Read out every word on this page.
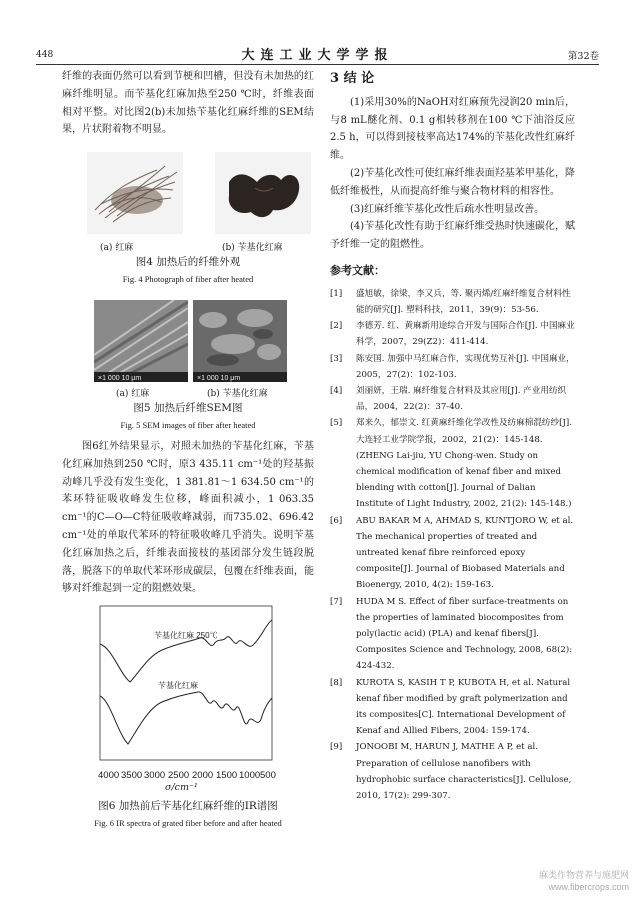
448	大连工业大学学报	第32卷

纤维的表面仍然可以看到节梗和凹槽，但没有未加热的红麻纤维明显。而苄基化红麻加热至250 ℃时，纤维表面相对平整。对比图2(b)未加热苄基化红麻纤维的SEM结果，片状附着物不明显。

(a) 红麻	(b) 苄基化红麻
图4 加热后的纤维外观
Fig. 4 Photograph of fiber after heated
×1 000 10 μm	×1 000 10 μm
(a) 红麻	(b) 苄基化红麻
图5 加热后纤维SEM图
Fig. 5 SEM images of fiber after heated

图6红外结果显示，对照未加热的苄基化红麻，苄基化红麻加热到250 ℃时，原3 435.11 cm⁻¹处的羟基振动峰几乎没有发生变化，1 381.81～1 634.50 cm⁻¹的苯环特征吸收峰发生位移，峰面积减小，1 063.35 cm⁻¹的C—O—C特征吸收峰减弱，而735.02、696.42 cm⁻¹处的单取代苯环的特征吸收峰几乎消失。说明苄基化红麻加热之后，纤维表面接枝的基团部分发生链段脱落，脱落下的单取代苯环形成碳层，包覆在纤维表面，能够对纤维起到一定的阻燃效果。

苄基化红麻 250℃
苄基化红麻
4000 3500 3000 2500 2000 1500 1000 500
σ/cm⁻¹
图6 加热前后苄基化红麻纤维的IR谱图
Fig. 6 IR spectra of grated fiber before and after heated
3 结 论

(1)采用30%的NaOH对红麻预先浸润20 min后，与8 mL醚化剂、0.1 g相转移剂在100 ℃下油浴反应2.5 h，可以得到接枝率高达174%的苄基化改性红麻纤维。

(2)苄基化改性可使红麻纤维表面羟基苯甲基化，降低纤维极性，从而提高纤维与聚合物材料的相容性。

(3)红麻纤维苄基化改性后疏水性明显改善。

(4)苄基化改性有助于红麻纤维受热时快速碳化，赋予纤维一定的阻燃性。

参考文献：

[1] 盛旭敏，徐梁，李又兵，等. 聚丙烯/红麻纤维复合材料性能的研究[J]. 塑料科技，2011，39(9)：53-56.

[2] 李德芳. 红、黄麻新用途综合开发与国际合作[J]. 中国麻业科学，2007，29(Z2)：411-414.

[3] 陈安国. 加强中马红麻合作，实现优势互补[J]. 中国麻业，2005，27(2)：102-103.

[4] 刘丽妍，王瑞. 麻纤维复合材料及其应用[J]. 产业用纺织品，2004，22(2)：37-40.

[5] 郑来久，郁崇文. 红黄麻纤维化学改性及纺麻棉混纺纱[J]. 大连轻工业学院学报，2002，21(2)：145-148. (ZHENG Lai-jiu, YU Chong-wen. Study on chemical modification of kenaf fiber and mixed blending with cotton[J]. Journal of Dalian Institute of Light Industry, 2002, 21(2): 145-148.)

[6] ABU BAKAR M A, AHMAD S, KUNTJORO W, et al. The mechanical properties of treated and untreated kenaf fibre reinforced epoxy composite[J]. Journal of Biobased Materials and Bioenergy, 2010, 4(2): 159-163.

[7] HUDA M S. Effect of fiber surface-treatments on the properties of laminated biocomposites from poly(lactic acid) (PLA) and kenaf fibers[J]. Composites Science and Technology, 2008, 68(2): 424-432.

[8] KUROTA S, KASIH T P, KUBOTA H, et al. Natural kenaf fiber modified by graft polymerization and its composites[C]. International Development of Kenaf and Allied Fibers, 2004: 159-174.

[9] JONOOBI M, HARUN J, MATHE A P, et al. Preparation of cellulose nanofibers with hydrophobic surface characteristics[J]. Cellulose, 2010, 17(2): 299-307.

麻类作物营养与施肥网
www.fibercrops.com
